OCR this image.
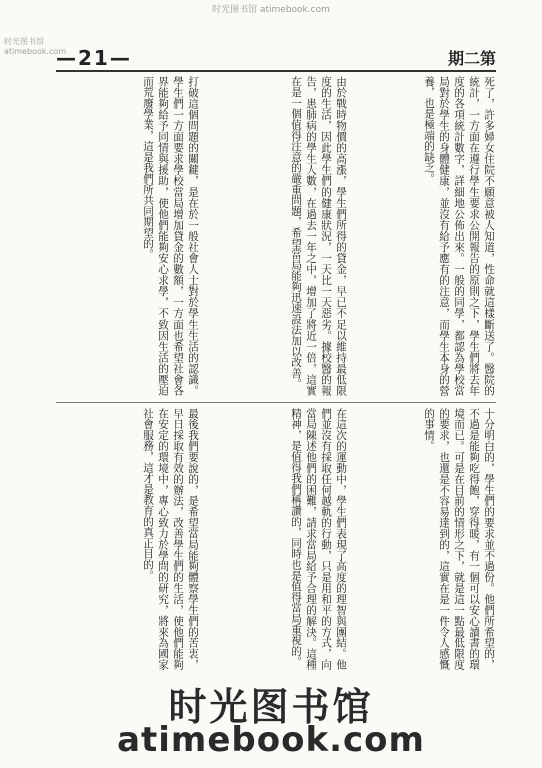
时光图书馆 atimebook.com
时光图书馆 atimebook.com
—21—	期二第
死了，許多婦女住院不願意被人知道，性命就這樣斷送了。醫院的統計，一方面在遵行學生要求公開報告的原則之下，學生們將去年度的各項統計數字，詳細地公佈出來。一般的同學，都認為學校當局對於學生的身體健康，並沒有給予應有的注意，而學生本身的營養，也是極端的缺乏。
由於戰時物價的高漲，學生們所得的貸金，早已不足以維持最低限度的生活，因此學生們的健康狀況，一天比一天惡劣。據校醫的報告，患肺病的學生人數，在過去一年之中，增加了將近一倍，這實在是一個值得注意的嚴重問題，希望當局能夠迅速設法加以改善。
打破這個問題的關鍵，是在於一般社會人士對於學生生活的認識。學生們一方面要求學校當局增加貸金的數額，一方面也希望社會各界能夠給予同情與援助，使他們能夠安心求學，不致因生活的壓迫而荒廢學業，這是我們所共同期望的。
十分明白的，學生們的要求並不過份。他們所希望的，不過是能夠吃得飽，穿得暖，有一個可以安心讀書的環境而已。可是在目前的情形之下，就是這一點最低限度的要求，也還是不容易達到的，這實在是一件令人感慨的事情。
在這次的運動中，學生們表現了高度的理智與團結。他們並沒有採取任何越軌的行動，只是用和平的方式，向當局陳述他們的困難，請求當局給予合理的解決。這種精神，是值得我們稱讚的，同時也是值得當局重視的。
最後我們要說的，是希望當局能夠體察學生們的苦衷，早日採取有效的辦法，改善學生們的生活，使他們能夠在安定的環境中，專心致力於學問的研究，將來為國家社會服務，這才是教育的真正目的。
时光图书馆
atimebook.com
